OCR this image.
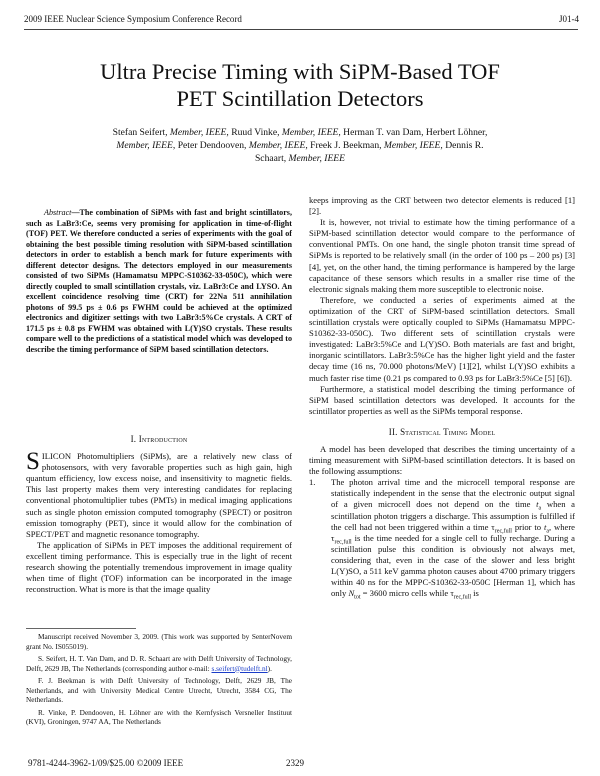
2009 IEEE Nuclear Science Symposium Conference Record	J01-4
Ultra Precise Timing with SiPM-Based TOF
PET Scintillation Detectors
Stefan Seifert, Member, IEEE, Ruud Vinke, Member, IEEE, Herman T. van Dam, Herbert Löhner,
Member, IEEE, Peter Dendooven, Member, IEEE, Freek J. Beekman, Member, IEEE, Dennis R.
Schaart, Member, IEEE
Abstract—The combination of SiPMs with fast and bright scintillators, such as LaBr3:Ce, seems very promising for application in time-of-flight (TOF) PET. We therefore conducted a series of experiments with the goal of obtaining the best possible timing resolution with SiPM-based scintillation detectors in order to establish a bench mark for future experiments with different detector designs. The detectors employed in our measurements consisted of two SiPMs (Hamamatsu MPPC-S10362-33-050C), which were directly coupled to small scintillation crystals, viz. LaBr3:Ce and LYSO. An excellent coincidence resolving time (CRT) for 22Na 511 annihilation photons of 99.5 ps ± 0.6 ps FWHM could be achieved at the optimized electronics and digitizer settings with two LaBr3:5%Ce crystals. A CRT of 171.5 ps ± 0.8 ps FWHM was obtained with L(Y)SO crystals. These results compare well to the predictions of a statistical model which was developed to describe the timing performance of SiPM based scintillation detectors.
I. Introduction

SILICON Photomultipliers (SiPMs), are a relatively new class of photosensors, with very favorable properties such as high gain, high quantum efficiency, low excess noise, and insensitivity to magnetic fields. This last property makes them very interesting candidates for replacing conventional photomultiplier tubes (PMTs) in medical imaging applications such as single photon emission computed tomography (SPECT) or positron emission tomography (PET), since it would allow for the combination of SPECT/PET and magnetic resonance tomography.

The application of SiPMs in PET imposes the additional requirement of excellent timing performance. This is especially true in the light of recent research showing the potentially tremendous improvement in image quality when time of flight (TOF) information can be incorporated in the image reconstruction. What is more is that the image quality

Manuscript received November 3, 2009. (This work was supported by SenterNovem grant No. IS055019).

S. Seifert, H. T. Van Dam, and D. R. Schaart are with Delft University of Technology, Delft, 2629 JB, The Netherlands (corresponding author e-mail: s.seifert@tudelft.nl).

F. J. Beekman is with Delft University of Technology, Delft, 2629 JB, The Netherlands, and with University Medical Centre Utrecht, Utrecht, 3584 CG, The Netherlands.

R. Vinke, P. Dendooven, H. Löhner are with the Kernfysisch Versneller Instituut (KVI), Groningen, 9747 AA, The Netherlands

keeps improving as the CRT between two detector elements is reduced [1] [2].

It is, however, not trivial to estimate how the timing performance of a SiPM-based scintillation detector would compare to the performance of conventional PMTs. On one hand, the single photon transit time spread of SiPMs is reported to be relatively small (in the order of 100 ps – 200 ps) [3][4], yet, on the other hand, the timing performance is hampered by the large capacitance of these sensors which results in a smaller rise time of the electronic signals making them more susceptible to electronic noise.

Therefore, we conducted a series of experiments aimed at the optimization of the CRT of SiPM-based scintillation detectors. Small scintillation crystals were optically coupled to SiPMs (Hamamatsu MPPC-S10362-33-050C). Two different sets of scintillation crystals were investigated: LaBr3:5%Ce and L(Y)SO. Both materials are fast and bright, inorganic scintillators. LaBr3:5%Ce has the higher light yield and the faster decay time (16 ns, 70.000 photons/MeV) [1][2], whilst L(Y)SO exhibits a much faster rise time (0.21 ps compared to 0.93 ps for LaBr3:5%Ce [5] [6]).

Furthermore, a statistical model describing the timing performance of SiPM based scintillation detectors was developed. It accounts for the scintillator properties as well as the SiPMs temporal response.

II. Statistical Timing Model

A model has been developed that describes the timing uncertainty of a timing measurement with SiPM-based scintillation detectors. It is based on the following assumptions:

1. The photon arrival time and the microcell temporal response are statistically independent in the sense that the electronic output signal of a given microcell does not depend on the time $t_a$ when a scintillation photon triggers a discharge. This assumption is fulfilled if the cell had not been triggered within a time $\tau_{rec,full}$ prior to $t_a$, where $\tau_{rec,full}$ is the time needed for a single cell to fully recharge. During a scintillation pulse this condition is obviously not always met, considering that, even in the case of the slower and less bright L(Y)SO, a 511 keV gamma photon causes about 4700 primary triggers within 40 ns for the MPPC-S10362-33-050C [Herman 1], which has only $N_{tot} = 3600$ micro cells while $\tau_{rec,full}$ is
9781-4244-3962-1/09/$25.00 ©2009 IEEE	2329
